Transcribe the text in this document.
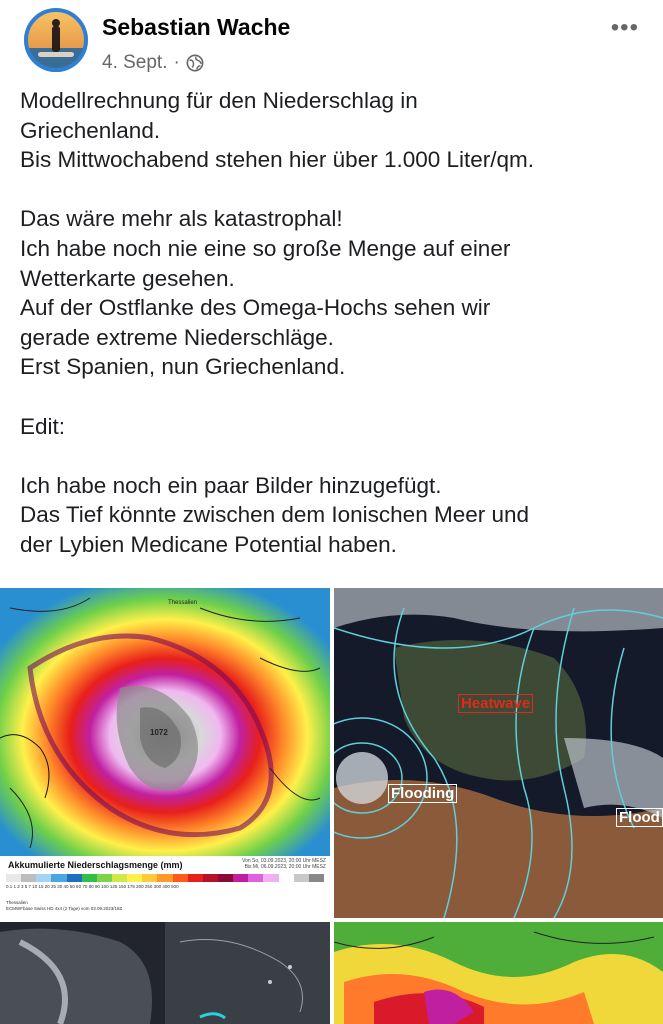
Sebastian Wache
4. Sept. ·
•••

Modellrechnung für den Niederschlag in

Griechenland.

Bis Mittwochabend stehen hier über 1.000 Liter/qm.

Das wäre mehr als katastrophal!

Ich habe noch nie eine so große Menge auf einer

Wetterkarte gesehen.

Auf der Ostflanke des Omega-Hochs sehen wir

gerade extreme Niederschläge.

Erst Spanien, nun Griechenland.

Edit:

Ich habe noch ein paar Bilder hinzugefügt.

Das Tief könnte zwischen dem Ionischen Meer und

der Lybien Medicane Potential haben.

1072
Thessalien
Akkumulierte Niederschlagsmenge (mm)	Von So, 03.09.2023, 20:00 Uhr MESZ
Bis Mi, 06.09.2023, 20:00 Uhr MESZ
0.1 1 2 3 5 7 10 15 20 25 30 40 50 60 70 80 90 100 125 150 175 200 250 300 400 500
Thessalien
ECMWFbase Swiss HD 4x4 (2 Tage) vom 03.09.2023/18Z
Heatwave
Flooding
Flood
